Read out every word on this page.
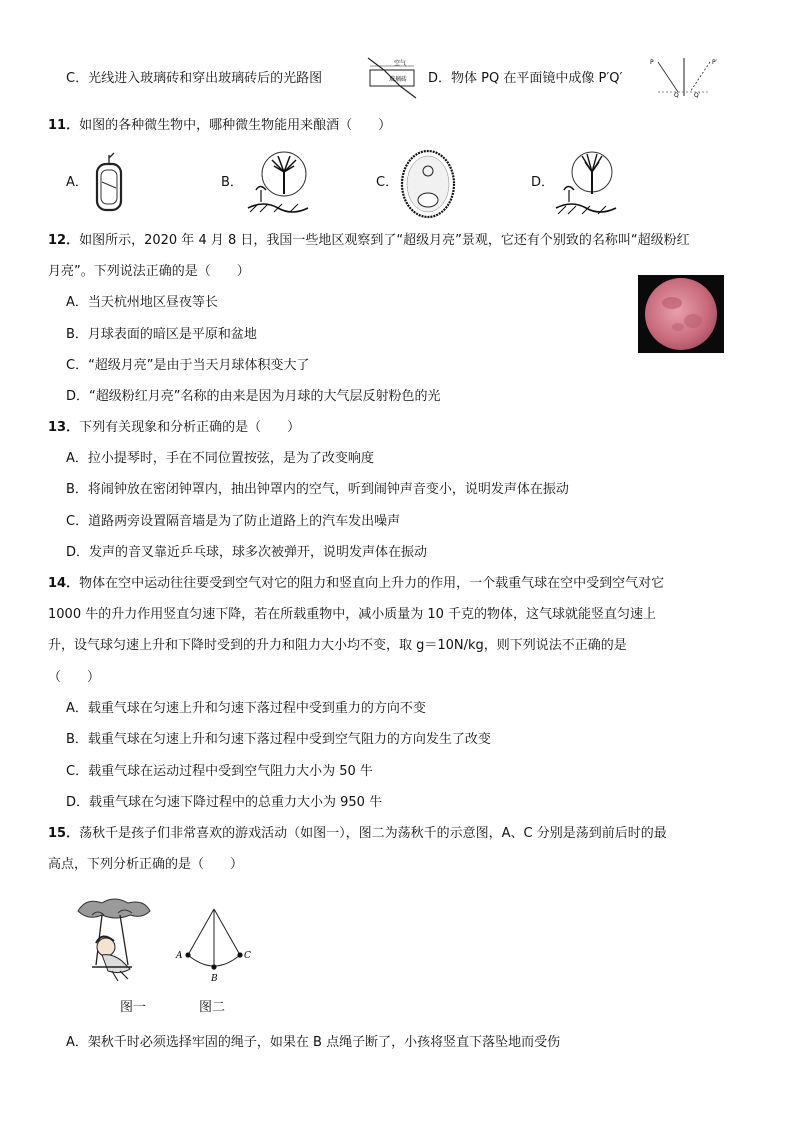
C．光线进入玻璃砖和穿出玻璃砖后的光路图
空气
玻璃砖 D．物体 PQ 在平面镜中成像 P′Q′
P
Q
P′
Q′
11．如图的各种微生物中，哪种微生物能用来酿酒（　　）
A．	B．	C．	D．
12．如图所示，2020 年 4 月 8 日，我国一些地区观察到了“超级月亮”景观，它还有个别致的名称叫“超级粉红
月亮”。下列说法正确的是（　　）
A．当天杭州地区昼夜等长
B．月球表面的暗区是平原和盆地
C．“超级月亮”是由于当天月球体积变大了
D．“超级粉红月亮”名称的由来是因为月球的大气层反射粉色的光
13．下列有关现象和分析正确的是（　　）
A．拉小提琴时，手在不同位置按弦，是为了改变响度
B．将闹钟放在密闭钟罩内，抽出钟罩内的空气，听到闹钟声音变小，说明发声体在振动
C．道路两旁设置隔音墙是为了防止道路上的汽车发出噪声
D．发声的音叉靠近乒乓球，球多次被弹开，说明发声体在振动
14．物体在空中运动往往要受到空气对它的阻力和竖直向上升力的作用，一个载重气球在空中受到空气对它
1000 牛的升力作用竖直匀速下降，若在所载重物中，减小质量为 10 千克的物体，这气球就能竖直匀速上
升，设气球匀速上升和下降时受到的升力和阻力大小均不变，取 g＝10N/kg，则下列说法不正确的是
（　　）
A．载重气球在匀速上升和匀速下落过程中受到重力的方向不变
B．载重气球在匀速上升和匀速下落过程中受到空气阻力的方向发生了改变
C．载重气球在运动过程中受到空气阻力大小为 50 牛
D．载重气球在匀速下降过程中的总重力大小为 950 牛
15．荡秋千是孩子们非常喜欢的游戏活动（如图一），图二为荡秋千的示意图，A、C 分别是荡到前后时的最
高点，下列分析正确的是（　　）
图一
A
B
C
图二
A．架秋千时必须选择牢固的绳子，如果在 B 点绳子断了，小孩将竖直下落坠地而受伤
